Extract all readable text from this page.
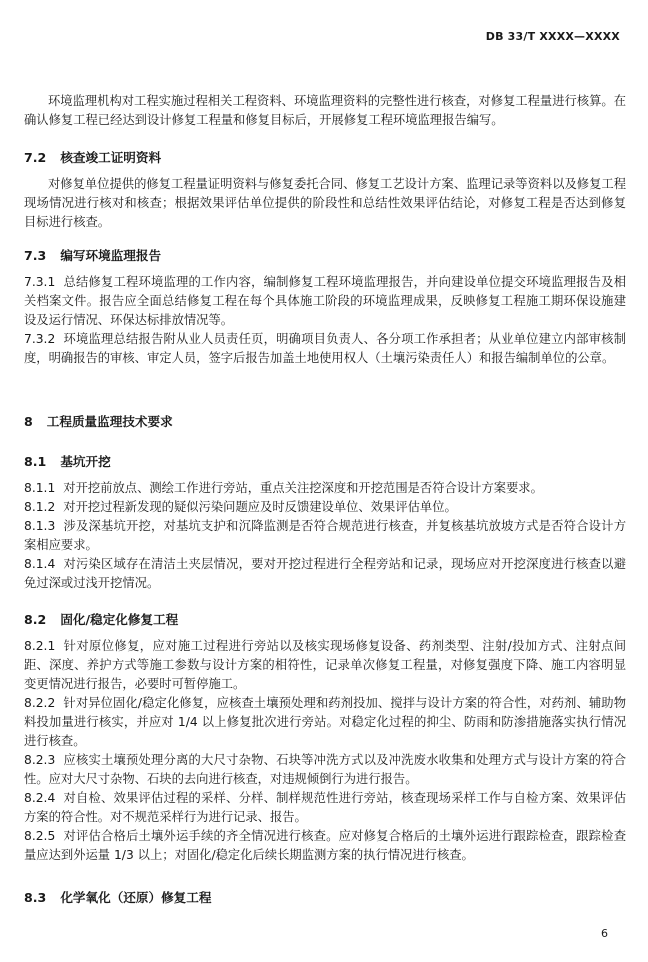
DB 33/T XXXX—XXXX

环境监理机构对工程实施过程相关工程资料、环境监理资料的完整性进行核查，对修复工程量进行核算。在确认修复工程已经达到设计修复工程量和修复目标后，开展修复工程环境监理报告编写。

7.2 核查竣工证明资料

对修复单位提供的修复工程量证明资料与修复委托合同、修复工艺设计方案、监理记录等资料以及修复工程现场情况进行核对和核查；根据效果评估单位提供的阶段性和总结性效果评估结论，对修复工程是否达到修复目标进行核查。

7.3 编写环境监理报告

7.3.1 总结修复工程环境监理的工作内容，编制修复工程环境监理报告，并向建设单位提交环境监理报告及相关档案文件。报告应全面总结修复工程在每个具体施工阶段的环境监理成果，反映修复工程施工期环保设施建设及运行情况、环保达标排放情况等。

7.3.2 环境监理总结报告附从业人员责任页，明确项目负责人、各分项工作承担者；从业单位建立内部审核制度，明确报告的审核、审定人员，签字后报告加盖土地使用权人（土壤污染责任人）和报告编制单位的公章。

8 工程质量监理技术要求

8.1 基坑开挖

8.1.1 对开挖前放点、测绘工作进行旁站，重点关注挖深度和开挖范围是否符合设计方案要求。

8.1.2 对开挖过程新发现的疑似污染问题应及时反馈建设单位、效果评估单位。

8.1.3 涉及深基坑开挖，对基坑支护和沉降监测是否符合规范进行核查，并复核基坑放坡方式是否符合设计方案相应要求。

8.1.4 对污染区域存在清洁土夹层情况，要对开挖过程进行全程旁站和记录，现场应对开挖深度进行核查以避免过深或过浅开挖情况。

8.2 固化/稳定化修复工程

8.2.1 针对原位修复，应对施工过程进行旁站以及核实现场修复设备、药剂类型、注射/投加方式、注射点间距、深度、养护方式等施工参数与设计方案的相符性，记录单次修复工程量，对修复强度下降、施工内容明显变更情况进行报告，必要时可暂停施工。

8.2.2 针对异位固化/稳定化修复，应核查土壤预处理和药剂投加、搅拌与设计方案的符合性，对药剂、辅助物料投加量进行核实，并应对 1/4 以上修复批次进行旁站。对稳定化过程的抑尘、防雨和防渗措施落实执行情况进行核查。

8.2.3 应核实土壤预处理分离的大尺寸杂物、石块等冲洗方式以及冲洗废水收集和处理方式与设计方案的符合性。应对大尺寸杂物、石块的去向进行核查，对违规倾倒行为进行报告。

8.2.4 对自检、效果评估过程的采样、分样、制样规范性进行旁站，核查现场采样工作与自检方案、效果评估方案的符合性。对不规范采样行为进行记录、报告。

8.2.5 对评估合格后土壤外运手续的齐全情况进行核查。应对修复合格后的土壤外运进行跟踪检查，跟踪检查量应达到外运量 1/3 以上；对固化/稳定化后续长期监测方案的执行情况进行核查。

8.3 化学氧化（还原）修复工程

6
